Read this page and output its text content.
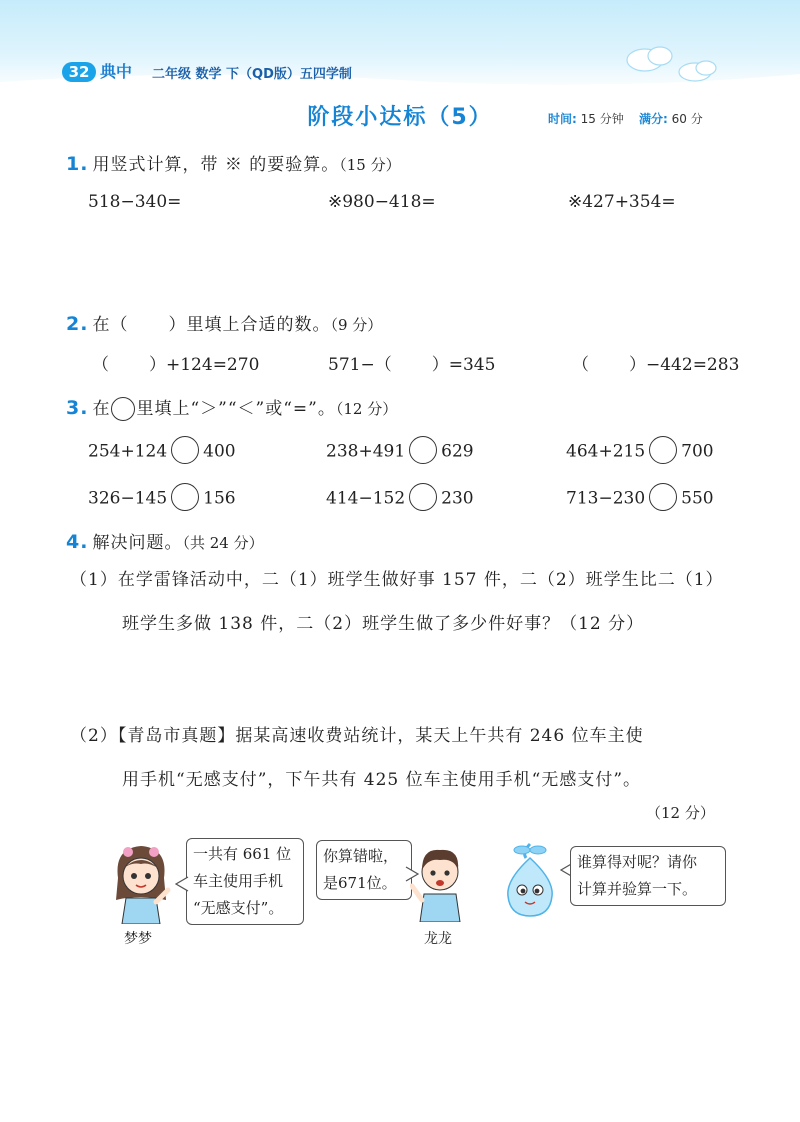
32 典中	二年级 数学 下（QD版）五四学制
阶段小达标（5）	时间: 15 分钟 满分: 60 分
1. 用竖式计算，带 ※ 的要验算。（15 分）
518−340=	※980−418=	※427+354=
2. 在（ ）里填上合适的数。（9 分）
（ ）+124=270	571−（ ）=345	（ ）−442=283
3. 在 里填上“＞”“＜”或“=”。（12 分）
254+124 400	238+491 629	464+215 700
326−145 156	414−152 230	713−230 550
4. 解决问题。（共 24 分）
（1）在学雷锋活动中，二（1）班学生做好事 157 件，二（2）班学生比二（1）
班学生多做 138 件，二（2）班学生做了多少件好事？（12 分）
（2）【青岛市真题】据某高速收费站统计，某天上午共有 246 位车主使
用手机“无感支付”，下午共有 425 位车主使用手机“无感支付”。
（12 分）
梦梦
一共有 661 位
车主使用手机
“无感支付”。
你算错啦，
是671位。
龙龙
谁算得对呢？请你
计算并验算一下。
